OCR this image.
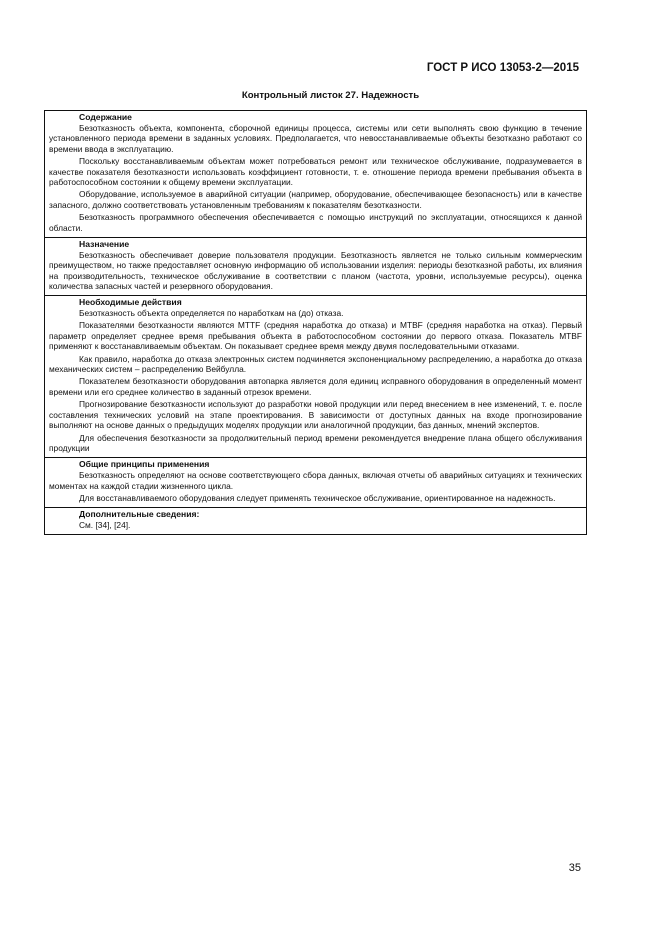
ГОСТ Р ИСО 13053-2—2015
Контрольный листок 27. Надежность
Содержание

Безотказность объекта, компонента, сборочной единицы процесса, системы или сети выполнять свою функцию в течение установленного периода времени в заданных условиях. Предполагается, что невосстанавливаемые объекты безотказно работают со времени ввода в эксплуатацию.

Поскольку восстанавливаемым объектам может потребоваться ремонт или техническое обслуживание, подразумевается в качестве показателя безотказности использовать коэффициент готовности, т. е. отношение периода времени пребывания объекта в работоспособном состоянии к общему времени эксплуатации.

Оборудование, используемое в аварийной ситуации (например, оборудование, обеспечивающее безопасность) или в качестве запасного, должно соответствовать установленным требованиям к показателям безотказности.

Безотказность программного обеспечения обеспечивается с помощью инструкций по эксплуатации, относящихся к данной области.

Назначение

Безотказность обеспечивает доверие пользователя продукции. Безотказность является не только сильным коммерческим преимуществом, но также предоставляет основную информацию об использовании изделия: периоды безотказной работы, их влияния на производительность, техническое обслуживание в соответствии с планом (частота, уровни, используемые ресурсы), оценка количества запасных частей и резервного оборудования.

Необходимые действия

Безотказность объекта определяется по наработкам на (до) отказа.

Показателями безотказности являются MTTF (средняя наработка до отказа) и MTBF (средняя наработка на отказ). Первый параметр определяет среднее время пребывания объекта в работоспособном состоянии до первого отказа. Показатель MTBF применяют к восстанавливаемым объектам. Он показывает среднее время между двумя последовательными отказами.

Как правило, наработка до отказа электронных систем подчиняется экспоненциальному распределению, а наработка до отказа механических систем – распределению Вейбулла.

Показателем безотказности оборудования автопарка является доля единиц исправного оборудования в определенный момент времени или его среднее количество в заданный отрезок времени.

Прогнозирование безотказности используют до разработки новой продукции или перед внесением в нее изменений, т. е. после составления технических условий на этапе проектирования. В зависимости от доступных данных на входе прогнозирование выполняют на основе данных о предыдущих моделях продукции или аналогичной продукции, баз данных, мнений экспертов.

Для обеспечения безотказности за продолжительный период времени рекомендуется внедрение плана общего обслуживания продукции

Общие принципы применения

Безотказность определяют на основе соответствующего сбора данных, включая отчеты об аварийных ситуациях и технических моментах на каждой стадии жизненного цикла.

Для восстанавливаемого оборудования следует применять техническое обслуживание, ориентированное на надежность.

Дополнительные сведения:

См. [34], [24].

35
